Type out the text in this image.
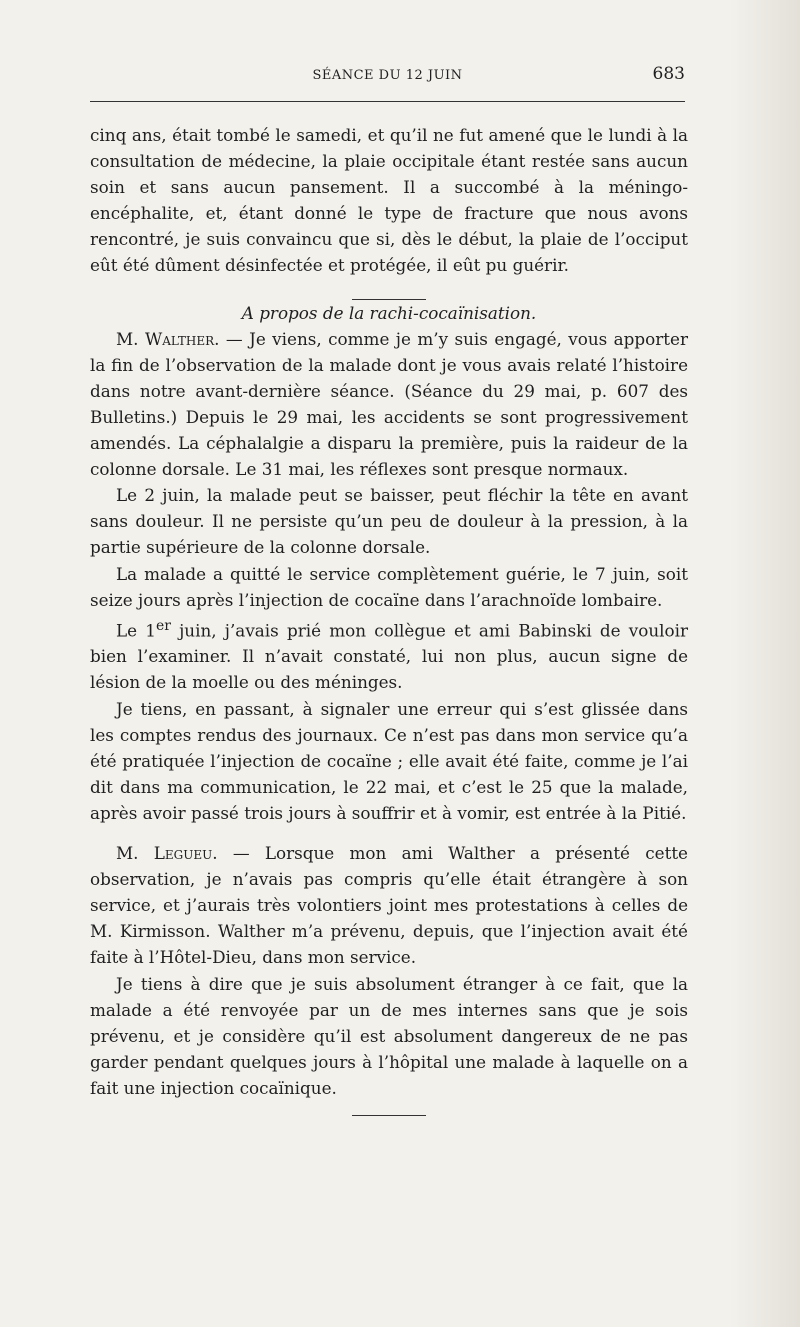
SÉANCE DU 12 JUIN	683

cinq ans, était tombé le samedi, et qu’il ne fut amené que le lundi à la consultation de médecine, la plaie occipitale étant restée sans aucun soin et sans aucun pansement. Il a succombé à la méningo-encéphalite, et, étant donné le type de fracture que nous avons rencontré, je suis convaincu que si, dès le début, la plaie de l’occiput eût été dûment désinfectée et protégée, il eût pu guérir.

A propos de la rachi-cocaïnisation.

M. Walther. — Je viens, comme je m’y suis engagé, vous apporter la fin de l’observation de la malade dont je vous avais relaté l’histoire dans notre avant-dernière séance. (Séance du 29 mai, p. 607 des Bulletins.) Depuis le 29 mai, les accidents se sont progressivement amendés. La céphalalgie a disparu la première, puis la raideur de la colonne dorsale. Le 31 mai, les réflexes sont presque normaux.

Le 2 juin, la malade peut se baisser, peut fléchir la tête en avant sans douleur. Il ne persiste qu’un peu de douleur à la pression, à la partie supérieure de la colonne dorsale.

La malade a quitté le service complètement guérie, le 7 juin, soit seize jours après l’injection de cocaïne dans l’arachnoïde lombaire.

Le 1er juin, j’avais prié mon collègue et ami Babinski de vouloir bien l’examiner. Il n’avait constaté, lui non plus, aucun signe de lésion de la moelle ou des méninges.

Je tiens, en passant, à signaler une erreur qui s’est glissée dans les comptes rendus des journaux. Ce n’est pas dans mon service qu’a été pratiquée l’injection de cocaïne ; elle avait été faite, comme je l’ai dit dans ma communication, le 22 mai, et c’est le 25 que la malade, après avoir passé trois jours à souffrir et à vomir, est entrée à la Pitié.

M. Legueu. — Lorsque mon ami Walther a présenté cette observation, je n’avais pas compris qu’elle était étrangère à son service, et j’aurais très volontiers joint mes protestations à celles de M. Kirmisson. Walther m’a prévenu, depuis, que l’injection avait été faite à l’Hôtel-Dieu, dans mon service.

Je tiens à dire que je suis absolument étranger à ce fait, que la malade a été renvoyée par un de mes internes sans que je sois prévenu, et je considère qu’il est absolument dangereux de ne pas garder pendant quelques jours à l’hôpital une malade à laquelle on a fait une injection cocaïnique.
